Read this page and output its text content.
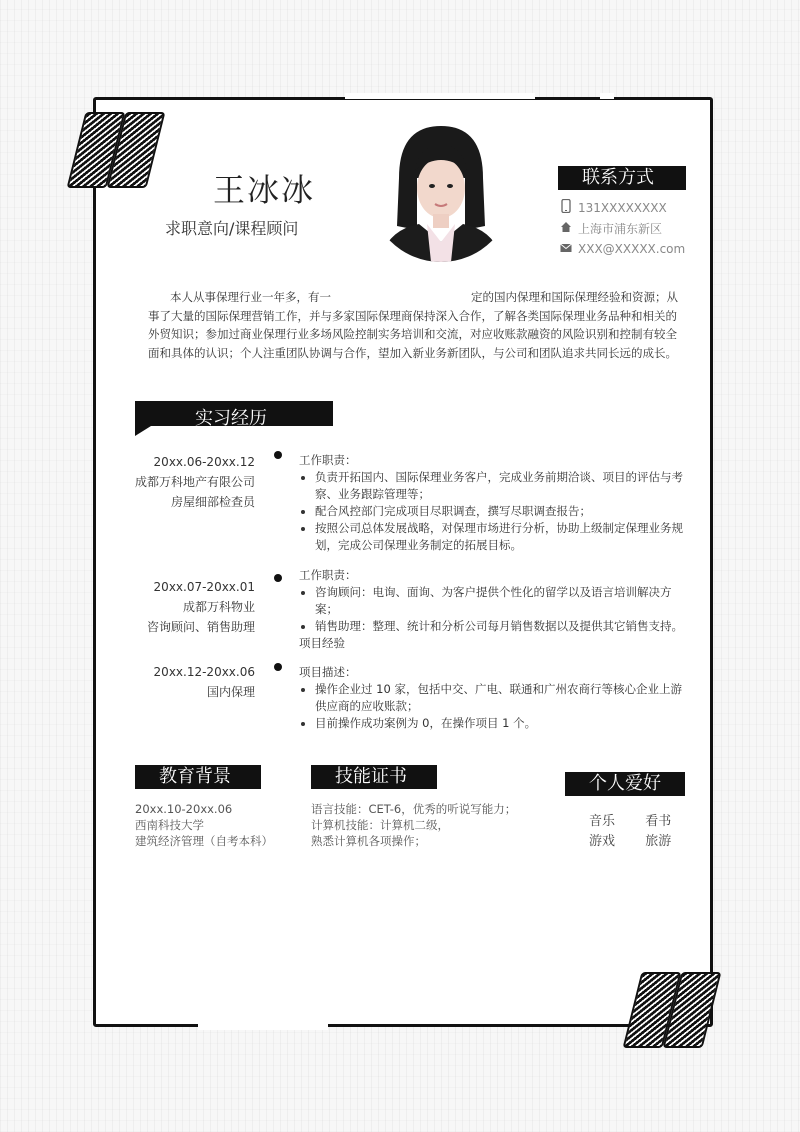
王冰冰
求职意向/课程顾问
联系方式
131XXXXXXXX
上海市浦东新区
XXX@XXXXX.com
本人从事保理行业一年多，有一	定的国内保理和国际保理经验和资源；从事了大量的国际保理营销工作，并与多家国际保理商保持深入合作，了解各类国际保理业务品种和相关的外贸知识；参加过商业保理行业多场风险控制实务培训和交流，对应收账款融资的风险识别和控制有较全面和具体的认识；个人注重团队协调与合作，望加入新业务新团队，与公司和团队追求共同长远的成长。
实习经历
20xx.06-20xx.12
成都万科地产有限公司
房屋细部检查员
工作职责：
• 负责开拓国内、国际保理业务客户，完成业务前期洽谈、项目的评估与考察、业务跟踪管理等；
• 配合风控部门完成项目尽职调查，撰写尽职调查报告；
• 按照公司总体发展战略，对保理市场进行分析，协助上级制定保理业务规划，完成公司保理业务制定的拓展目标。
20xx.07-20xx.01
成都万科物业
咨询顾问、销售助理
工作职责：
• 咨询顾问：电询、面询、为客户提供个性化的留学以及语言培训解决方案；
• 销售助理：整理、统计和分析公司每月销售数据以及提供其它销售支持。
项目经验
20xx.12-20xx.06
国内保理
项目描述：
• 操作企业过 10 家，包括中交、广电、联通和广州农商行等核心企业上游供应商的应收账款；
• 目前操作成功案例为 0，在操作项目 1 个。
教育背景
20xx.10-20xx.06
西南科技大学
建筑经济管理（自考本科）
技能证书
语言技能：CET-6，优秀的听说写能力；
计算机技能：计算机二级，
熟悉计算机各项操作；
个人爱好
音乐 看书
游戏 旅游
